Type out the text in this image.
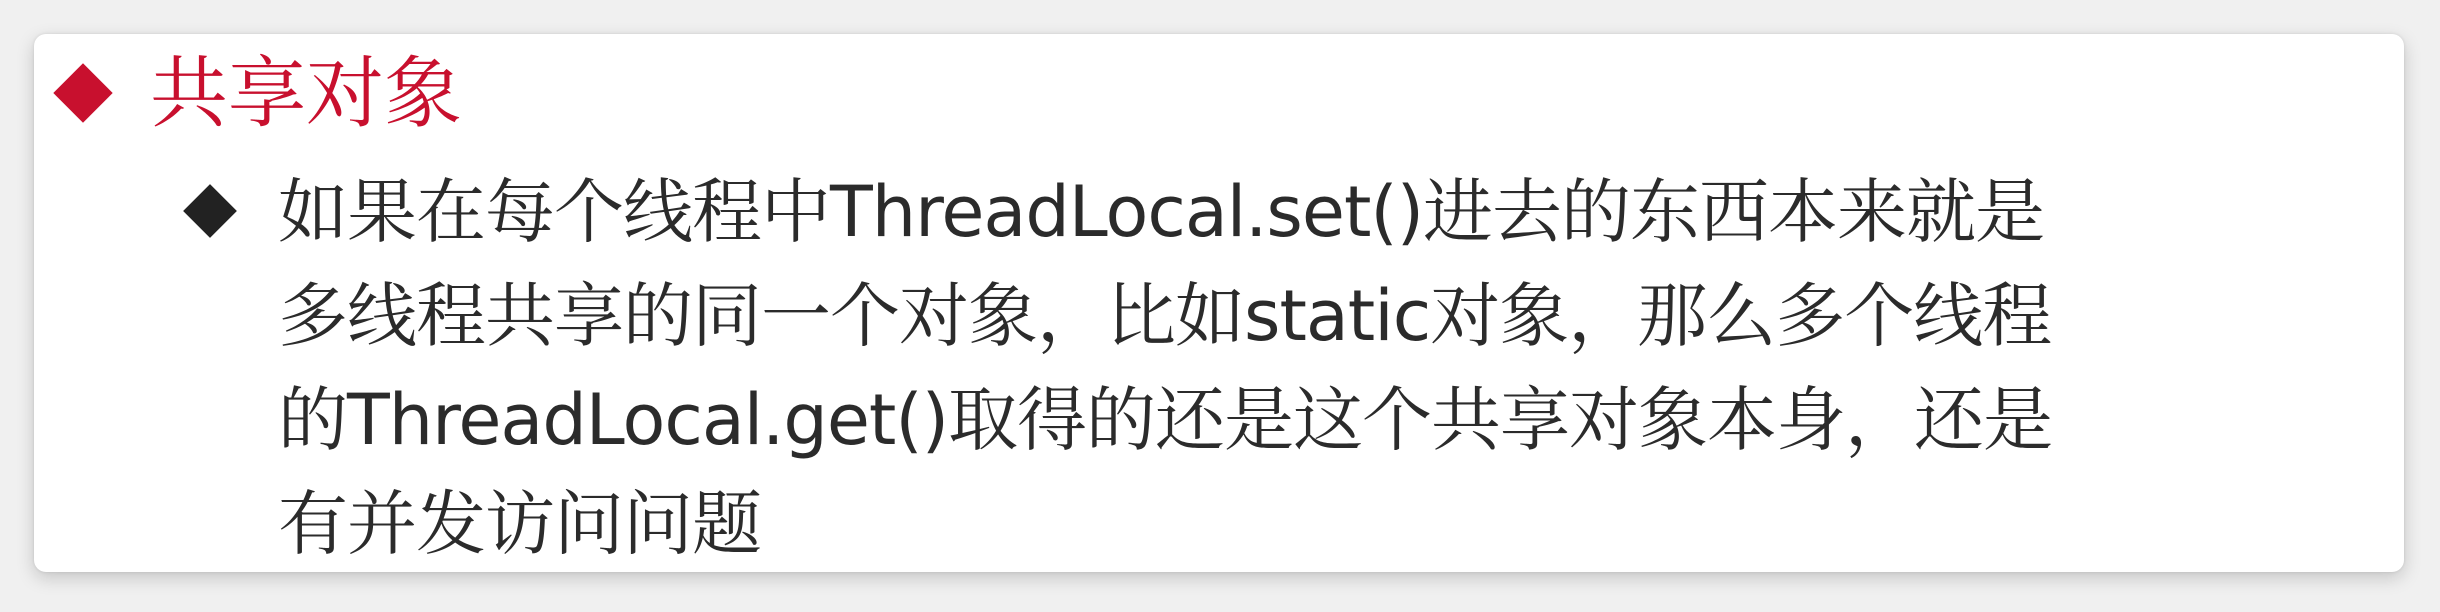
共享对象

如果在每个线程中ThreadLocal.set()进去的东西本来就是
多线程共享的同一个对象，比如static对象，那么多个线程
的ThreadLocal.get()取得的还是这个共享对象本身，还是
有并发访问问题
